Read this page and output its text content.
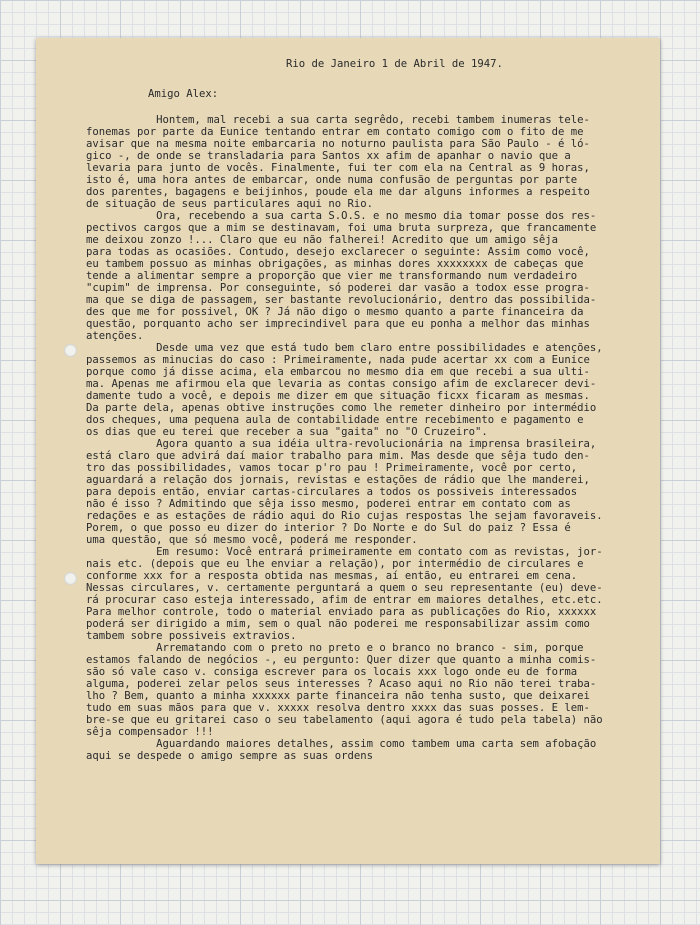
Rio de Janeiro 1 de Abril de 1947.
Amigo Alex:
Hontem, mal recebi a sua carta segrêdo, recebi tambem inumeras tele-
fonemas por parte da Eunice tentando entrar em contato comigo com o fito de me
avisar que na mesma noite embarcaria no noturno paulista para São Paulo - é ló-
gico -, de onde se transladaria para Santos xx afim de apanhar o navio que a
levaria para junto de vocês. Finalmente, fui ter com ela na Central as 9 horas,
isto é, uma hora antes de embarcar, onde numa confusão de perguntas por parte
dos parentes, bagagens e beijinhos, poude ela me dar alguns informes a respeito
de situação de seus particulares aqui no Rio.
Ora, recebendo a sua carta S.O.S. e no mesmo dia tomar posse dos res-
pectivos cargos que a mim se destinavam, foi uma bruta surpreza, que francamente
me deixou zonzo !... Claro que eu não falherei! Acredito que um amigo sêja
para todas as ocasiões. Contudo, desejo exclarecer o seguinte: Assim como você,
eu tambem possuo as minhas obrigações, as minhas dores xxxxxxxx de cabeças que
tende a alimentar sempre a proporção que vier me transformando num verdadeiro
"cupim" de imprensa. Por conseguinte, só poderei dar vasão a todox esse progra-
ma que se diga de passagem, ser bastante revolucionário, dentro das possibilida-
des que me for possivel, OK ? Já não digo o mesmo quanto a parte financeira da
questão, porquanto acho ser imprecindivel para que eu ponha a melhor das minhas
atenções.
Desde uma vez que está tudo bem claro entre possibilidades e atenções,
passemos as minucias do caso : Primeiramente, nada pude acertar xx com a Eunice
porque como já disse acima, ela embarcou no mesmo dia em que recebi a sua ulti-
ma. Apenas me afirmou ela que levaria as contas consigo afim de exclarecer devi-
damente tudo a você, e depois me dizer em que situação ficxx ficaram as mesmas.
Da parte dela, apenas obtive instruções como lhe remeter dinheiro por intermédio
dos cheques, uma pequena aula de contabilidade entre recebimento e pagamento e
os dias que eu terei que receber a sua "gaita" no "O Cruzeiro".
Agora quanto a sua idéia ultra-revolucionária na imprensa brasileira,
está claro que advirá daí maior trabalho para mim. Mas desde que sêja tudo den-
tro das possibilidades, vamos tocar p'ro pau ! Primeiramente, você por certo,
aguardará a relação dos jornais, revistas e estações de rádio que lhe manderei,
para depois então, enviar cartas-circulares a todos os possiveis interessados
não é isso ? Admitindo que sêja isso mesmo, poderei entrar em contato com as
redações e as estações de rádio aqui do Rio cujas respostas lhe sejam favoraveis.
Porem, o que posso eu dizer do interior ? Do Norte e do Sul do paiz ? Essa é
uma questão, que só mesmo você, poderá me responder.
Em resumo: Você entrará primeiramente em contato com as revistas, jor-
nais etc. (depois que eu lhe enviar a relação), por intermédio de circulares e
conforme xxx for a resposta obtida nas mesmas, aí então, eu entrarei em cena.
Nessas circulares, v. certamente perguntará a quem o seu representante (eu) deve-
rá procurar caso esteja interessado, afim de entrar em maiores detalhes, etc.etc.
Para melhor controle, todo o material enviado para as publicações do Rio, xxxxxx
poderá ser dirigido a mim, sem o qual não poderei me responsabilizar assim como
tambem sobre possiveis extravios.
Arrematando com o preto no preto e o branco no branco - sim, porque
estamos falando de negócios -, eu pergunto: Quer dizer que quanto a minha comis-
são só vale caso v. consiga escrever para os locais xxx logo onde eu de forma
alguma, poderei zelar pelos seus interesses ? Acaso aqui no Rio não terei traba-
lho ? Bem, quanto a minha xxxxxx parte financeira não tenha susto, que deixarei
tudo em suas mãos para que v. xxxxx resolva dentro xxxx das suas posses. E lem-
bre-se que eu gritarei caso o seu tabelamento (aqui agora é tudo pela tabela) não
sêja compensador !!!
Aguardando maiores detalhes, assim como tambem uma carta sem afobação
aqui se despede o amigo sempre as suas ordens
